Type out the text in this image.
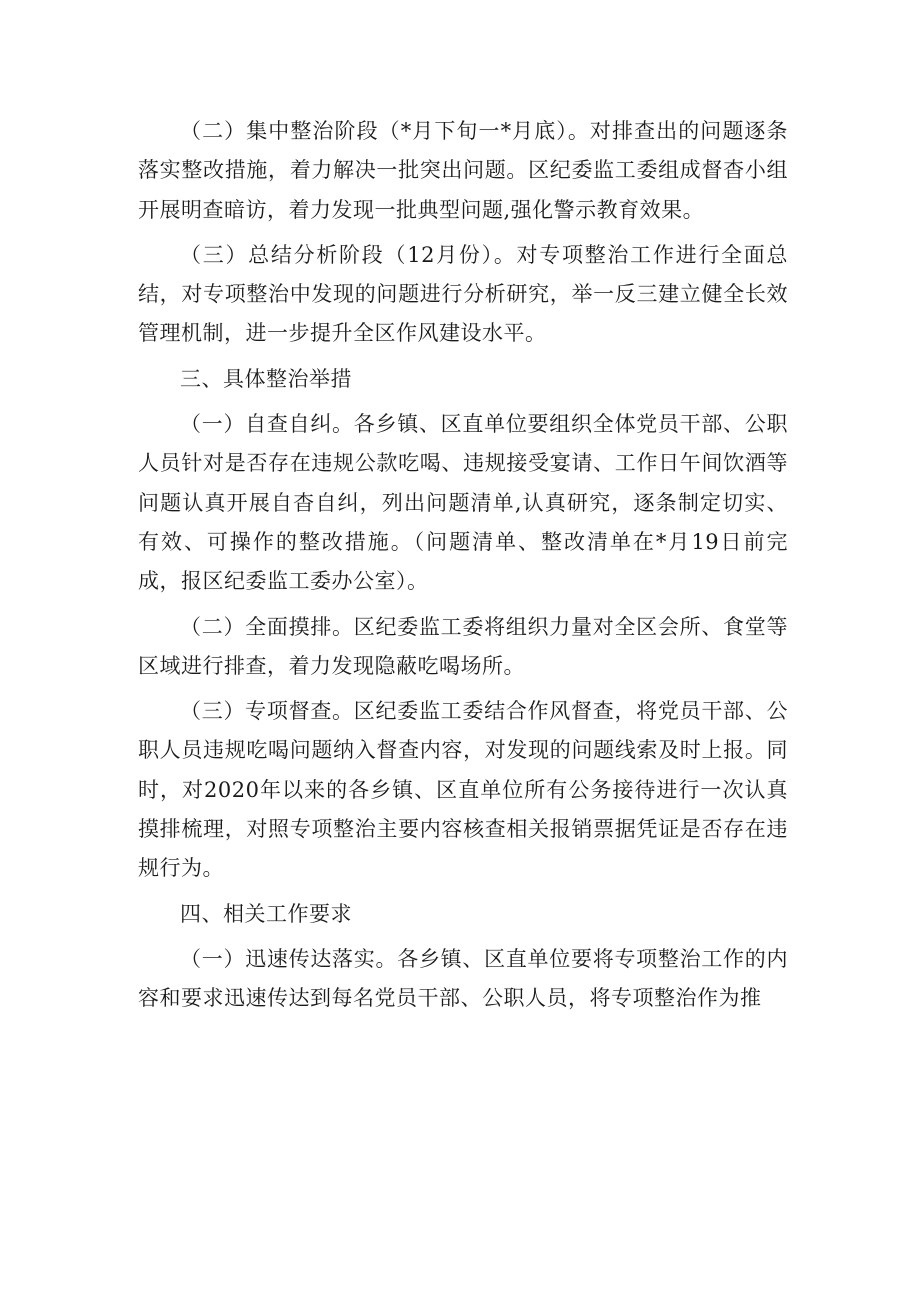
（二）集中整治阶段（*月下旬一*月底）。对排查出的问题逐条落实整改措施，着力解决一批突出问题。区纪委监工委组成督杳小组开展明查暗访，着力发现一批典型问题,强化警示教育效果。

（三）总结分析阶段（12月份）。对专项整治工作进行全面总结，对专项整治中发现的问题进行分析研究，举一反三建立健全长效管理机制，进一步提升全区作风建设水平。

三、具体整治举措

（一）自查自纠。各乡镇、区直单位要组织全体党员干部、公职人员针对是否存在违规公款吃喝、违规接受宴请、工作日午间饮酒等问题认真开展自杳自纠，列出问题清单,认真研究，逐条制定切实、有效、可操作的整改措施。（问题清单、整改清单在*月19日前完成，报区纪委监工委办公室）。

（二）全面摸排。区纪委监工委将组织力量对全区会所、食堂等区域进行排查，着力发现隐蔽吃喝场所。

（三）专项督查。区纪委监工委结合作风督查，将党员干部、公职人员违规吃喝问题纳入督查内容，对发现的问题线索及时上报。同时，对2020年以来的各乡镇、区直单位所有公务接待进行一次认真摸排梳理，对照专项整治主要内容核查相关报销票据凭证是否存在违规行为。

四、相关工作要求

（一）迅速传达落实。各乡镇、区直单位要将专项整治工作的内容和要求迅速传达到每名党员干部、公职人员，将专项整治作为推
